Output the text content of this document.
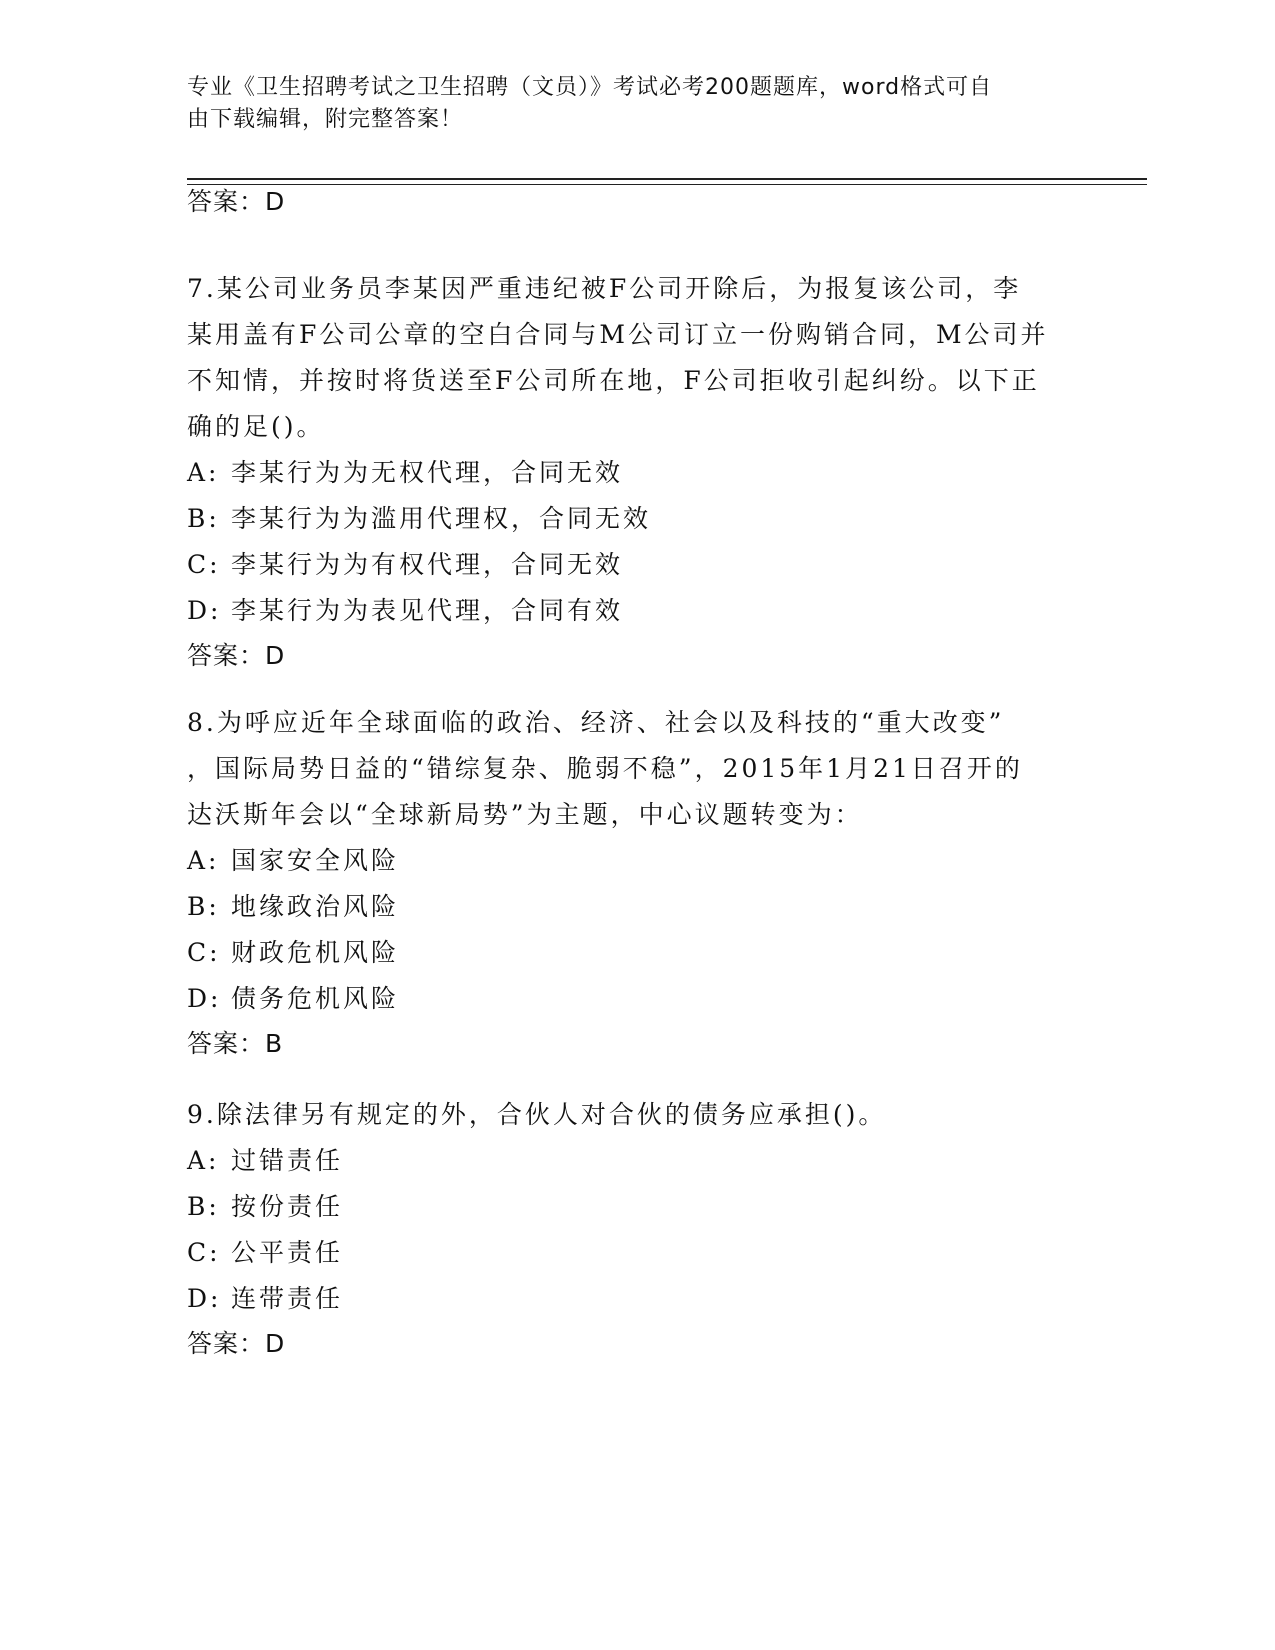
专业《卫生招聘考试之卫生招聘（文员）》考试必考200题题库，word格式可自
由下载编辑，附完整答案！
答案：D
7.某公司业务员李某因严重违纪被F公司开除后，为报复该公司，李
某用盖有F公司公章的空白合同与M公司订立一份购销合同，M公司并
不知情，并按时将货送至F公司所在地，F公司拒收引起纠纷。以下正
确的足()。
A: 李某行为为无权代理，合同无效
B: 李某行为为滥用代理权，合同无效
C: 李某行为为有权代理，合同无效
D: 李某行为为表见代理，合同有效
答案：D
8.为呼应近年全球面临的政治、经济、社会以及科技的“重大改变”
，国际局势日益的“错综复杂、脆弱不稳”，2015年1月21日召开的
达沃斯年会以“全球新局势”为主题，中心议题转变为：
A: 国家安全风险
B: 地缘政治风险
C: 财政危机风险
D: 债务危机风险
答案：B
9.除法律另有规定的外，合伙人对合伙的债务应承担()。
A: 过错责任
B: 按份责任
C: 公平责任
D: 连带责任
答案：D
